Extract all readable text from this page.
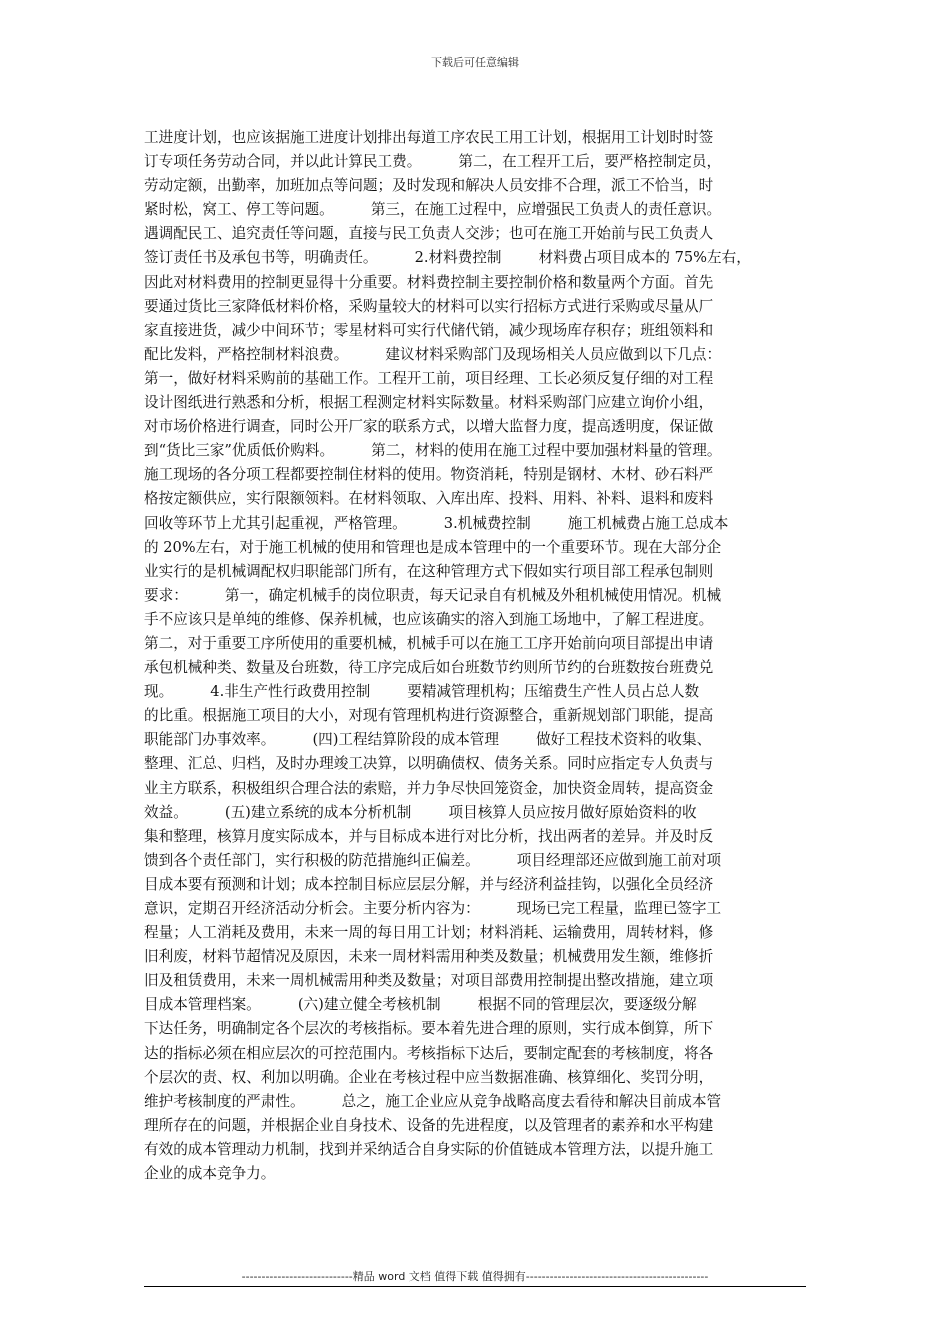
下载后可任意编辑
工进度计划，也应该据施工进度计划排出每道工序农民工用工计划，根据用工计划时时签
订专项任务劳动合同，并以此计算民工费。        第二，在工程开工后，要严格控制定员，
劳动定额，出勤率，加班加点等问题；及时发现和解决人员安排不合理，派工不恰当，时
紧时松，窝工、停工等问题。        第三，在施工过程中，应增强民工负责人的责任意识。
遇调配民工、追究责任等问题，直接与民工负责人交涉；也可在施工开始前与民工负责人
签订责任书及承包书等，明确责任。        2.材料费控制        材料费占项目成本的 75%左右，
因此对材料费用的控制更显得十分重要。材料费控制主要控制价格和数量两个方面。首先
要通过货比三家降低材料价格，采购量较大的材料可以实行招标方式进行采购或尽量从厂
家直接进货，减少中间环节；零星材料可实行代储代销，减少现场库存积存；班组领料和
配比发料，严格控制材料浪费。        建议材料采购部门及现场相关人员应做到以下几点：
第一，做好材料采购前的基础工作。工程开工前，项目经理、工长必须反复仔细的对工程
设计图纸进行熟悉和分析，根据工程测定材料实际数量。材料采购部门应建立询价小组，
对市场价格进行调查，同时公开厂家的联系方式，以增大监督力度，提高透明度，保证做
到“货比三家”优质低价购料。        第二，材料的使用在施工过程中要加强材料量的管理。
施工现场的各分项工程都要控制住材料的使用。物资消耗，特别是钢材、木材、砂石料严
格按定额供应，实行限额领料。在材料领取、入库出库、投料、用料、补料、退料和废料
回收等环节上尤其引起重视，严格管理。        3.机械费控制        施工机械费占施工总成本
的 20%左右，对于施工机械的使用和管理也是成本管理中的一个重要环节。现在大部分企
业实行的是机械调配权归职能部门所有，在这种管理方式下假如实行项目部工程承包制则
要求：        第一，确定机械手的岗位职责，每天记录自有机械及外租机械使用情况。机械
手不应该只是单纯的维修、保养机械，也应该确实的溶入到施工场地中，了解工程进度。
第二，对于重要工序所使用的重要机械，机械手可以在施工工序开始前向项目部提出申请
承包机械种类、数量及台班数，待工序完成后如台班数节约则所节约的台班数按台班费兑
现。        4.非生产性行政费用控制        要精减管理机构；压缩费生产性人员占总人数
的比重。根据施工项目的大小，对现有管理机构进行资源整合，重新规划部门职能，提高
职能部门办事效率。        (四)工程结算阶段的成本管理        做好工程技术资料的收集、
整理、汇总、归档，及时办理竣工决算，以明确债权、债务关系。同时应指定专人负责与
业主方联系，积极组织合理合法的索赔，并力争尽快回笼资金，加快资金周转，提高资金
效益。        (五)建立系统的成本分析机制        项目核算人员应按月做好原始资料的收
集和整理，核算月度实际成本，并与目标成本进行对比分析，找出两者的差异。并及时反
馈到各个责任部门，实行积极的防范措施纠正偏差。        项目经理部还应做到施工前对项
目成本要有预测和计划；成本控制目标应层层分解，并与经济利益挂钩，以强化全员经济
意识，定期召开经济活动分析会。主要分析内容为：        现场已完工程量，监理已签字工
程量；人工消耗及费用，未来一周的每日用工计划；材料消耗、运输费用，周转材料，修
旧利废，材料节超情况及原因，未来一周材料需用种类及数量；机械费用发生额，维修折
旧及租赁费用，未来一周机械需用种类及数量；对项目部费用控制提出整改措施，建立项
目成本管理档案。        (六)建立健全考核机制        根据不同的管理层次，要逐级分解
下达任务，明确制定各个层次的考核指标。要本着先进合理的原则，实行成本倒算，所下
达的指标必须在相应层次的可控范围内。考核指标下达后，要制定配套的考核制度，将各
个层次的责、权、利加以明确。企业在考核过程中应当数据准确、核算细化、奖罚分明，
维护考核制度的严肃性。        总之，施工企业应从竞争战略高度去看待和解决目前成本管
理所存在的问题，并根据企业自身技术、设备的先进程度，以及管理者的素养和水平构建
有效的成本管理动力机制，找到并采纳适合自身实际的价值链成本管理方法，以提升施工
企业的成本竞争力。
----------------------------精品 word 文档 值得下载 值得拥有----------------------------------------------
